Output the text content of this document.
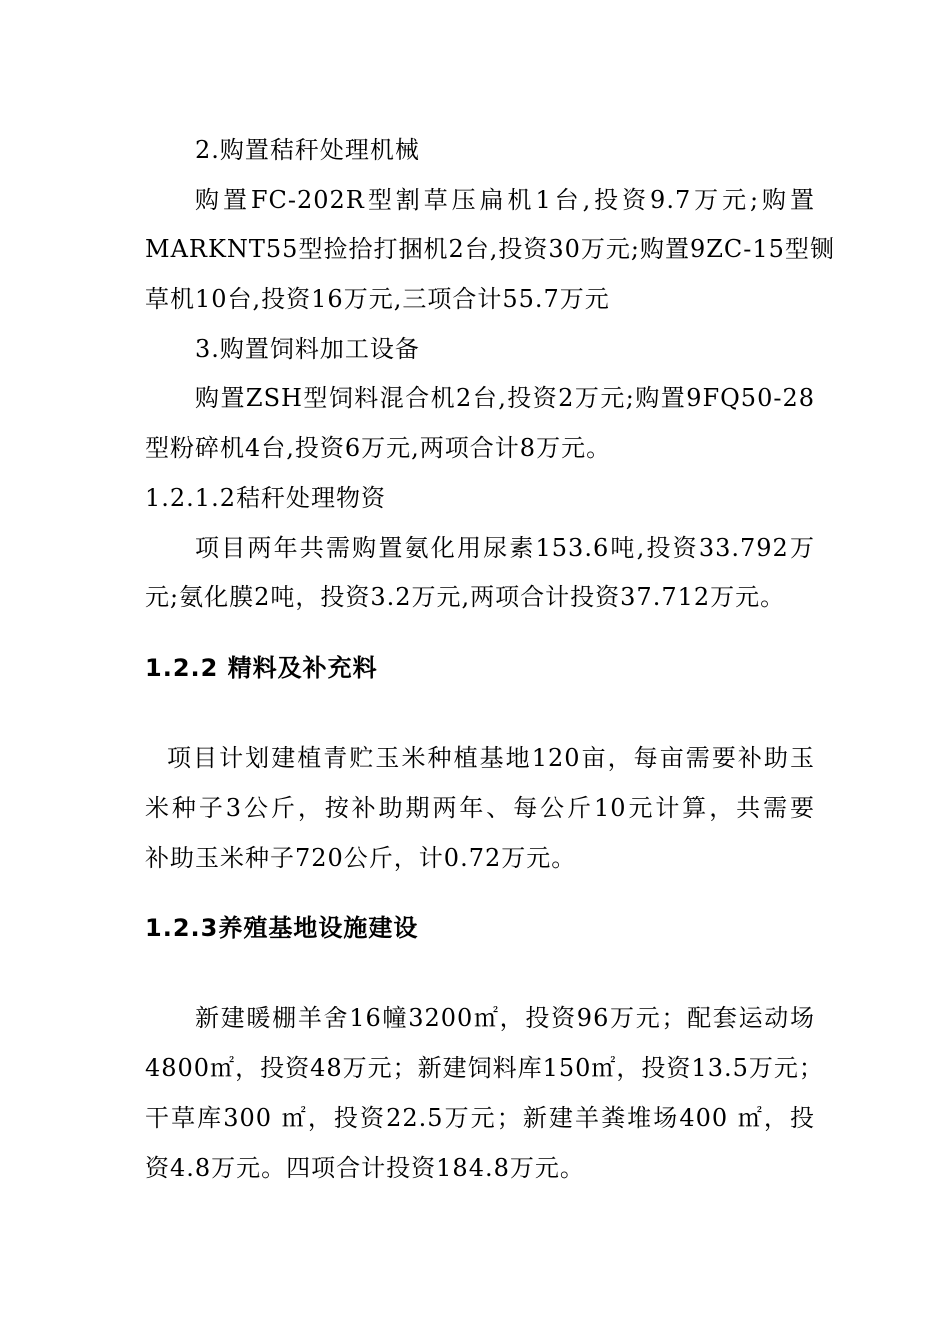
2.购置秸秆处理机械
购置FC-202R型割草压扁机1台,投资9.7万元;购置
MARKNT55型捡拾打捆机2台,投资30万元;购置9ZC-15型铡
草机10台,投资16万元,三项合计55.7万元
3.购置饲料加工设备
购置ZSH型饲料混合机2台,投资2万元;购置9FQ50-28
型粉碎机4台,投资6万元,两项合计8万元。
1.2.1.2秸秆处理物资
项目两年共需购置氨化用尿素153.6吨,投资33.792万
元;氨化膜2吨，投资3.2万元,两项合计投资37.712万元。
1.2.2 精料及补充料
项目计划建植青贮玉米种植基地120亩，每亩需要补助玉
米种子3公斤，按补助期两年、每公斤10元计算，共需要
补助玉米种子720公斤，计0.72万元。
1.2.3养殖基地设施建设
新建暖棚羊舍16幢3200㎡，投资96万元；配套运动场
4800㎡，投资48万元；新建饲料库150㎡，投资13.5万元；
干草库300 ㎡，投资22.5万元；新建羊粪堆场400 ㎡，投
资4.8万元。四项合计投资184.8万元。
